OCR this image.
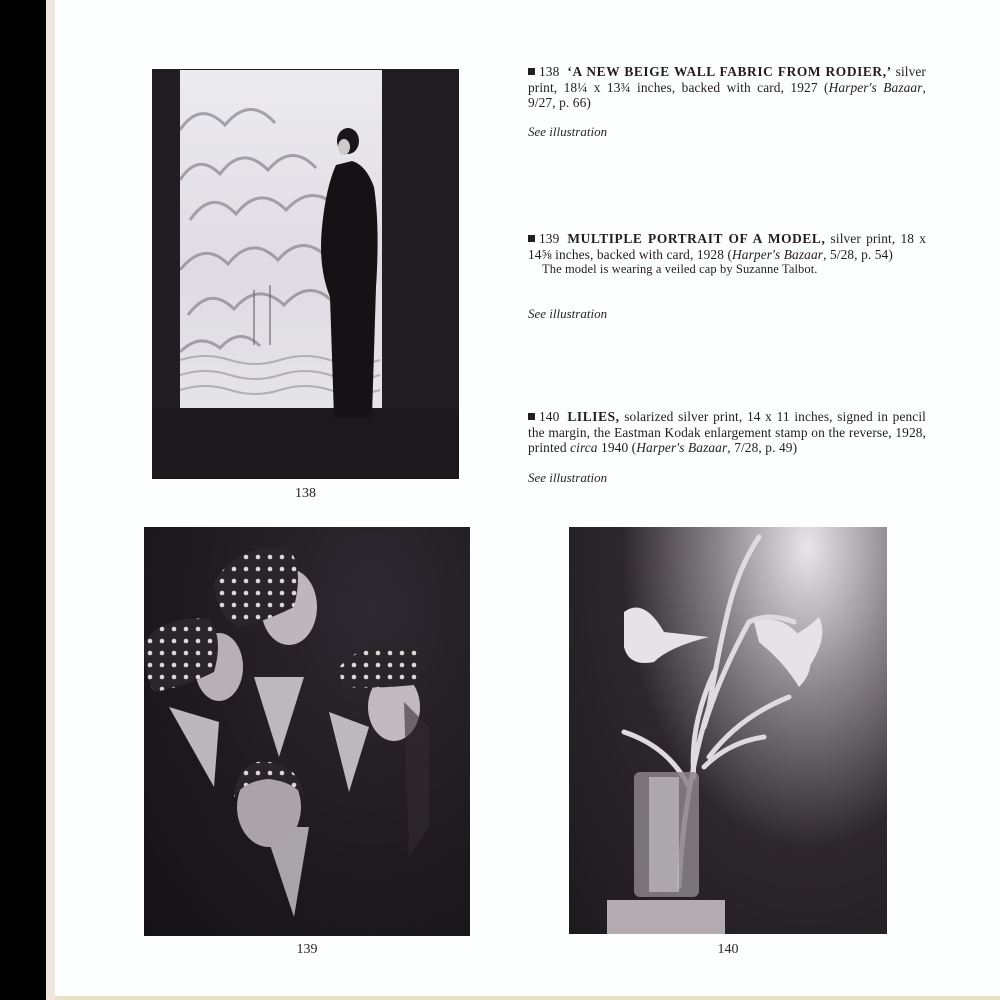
138
139	140
138 ‘A NEW BEIGE WALL FABRIC FROM RODIER,’ silver print, 18¼ x 13¾ inches, backed with card, 1927 (Harper's Bazaar, 9/27, p. 66)
See illustration
139 MULTIPLE PORTRAIT OF A MODEL, silver print, 18 x 14⅝ inches, backed with card, 1928 (Harper's Bazaar, 5/28, p. 54)
The model is wearing a veiled cap by Suzanne Talbot.
See illustration
140 LILIES, solarized silver print, 14 x 11 inches, signed in pencil the margin, the Eastman Kodak enlargement stamp on the reverse, 1928, printed circa 1940 (Harper's Bazaar, 7/28, p. 49)
See illustration
